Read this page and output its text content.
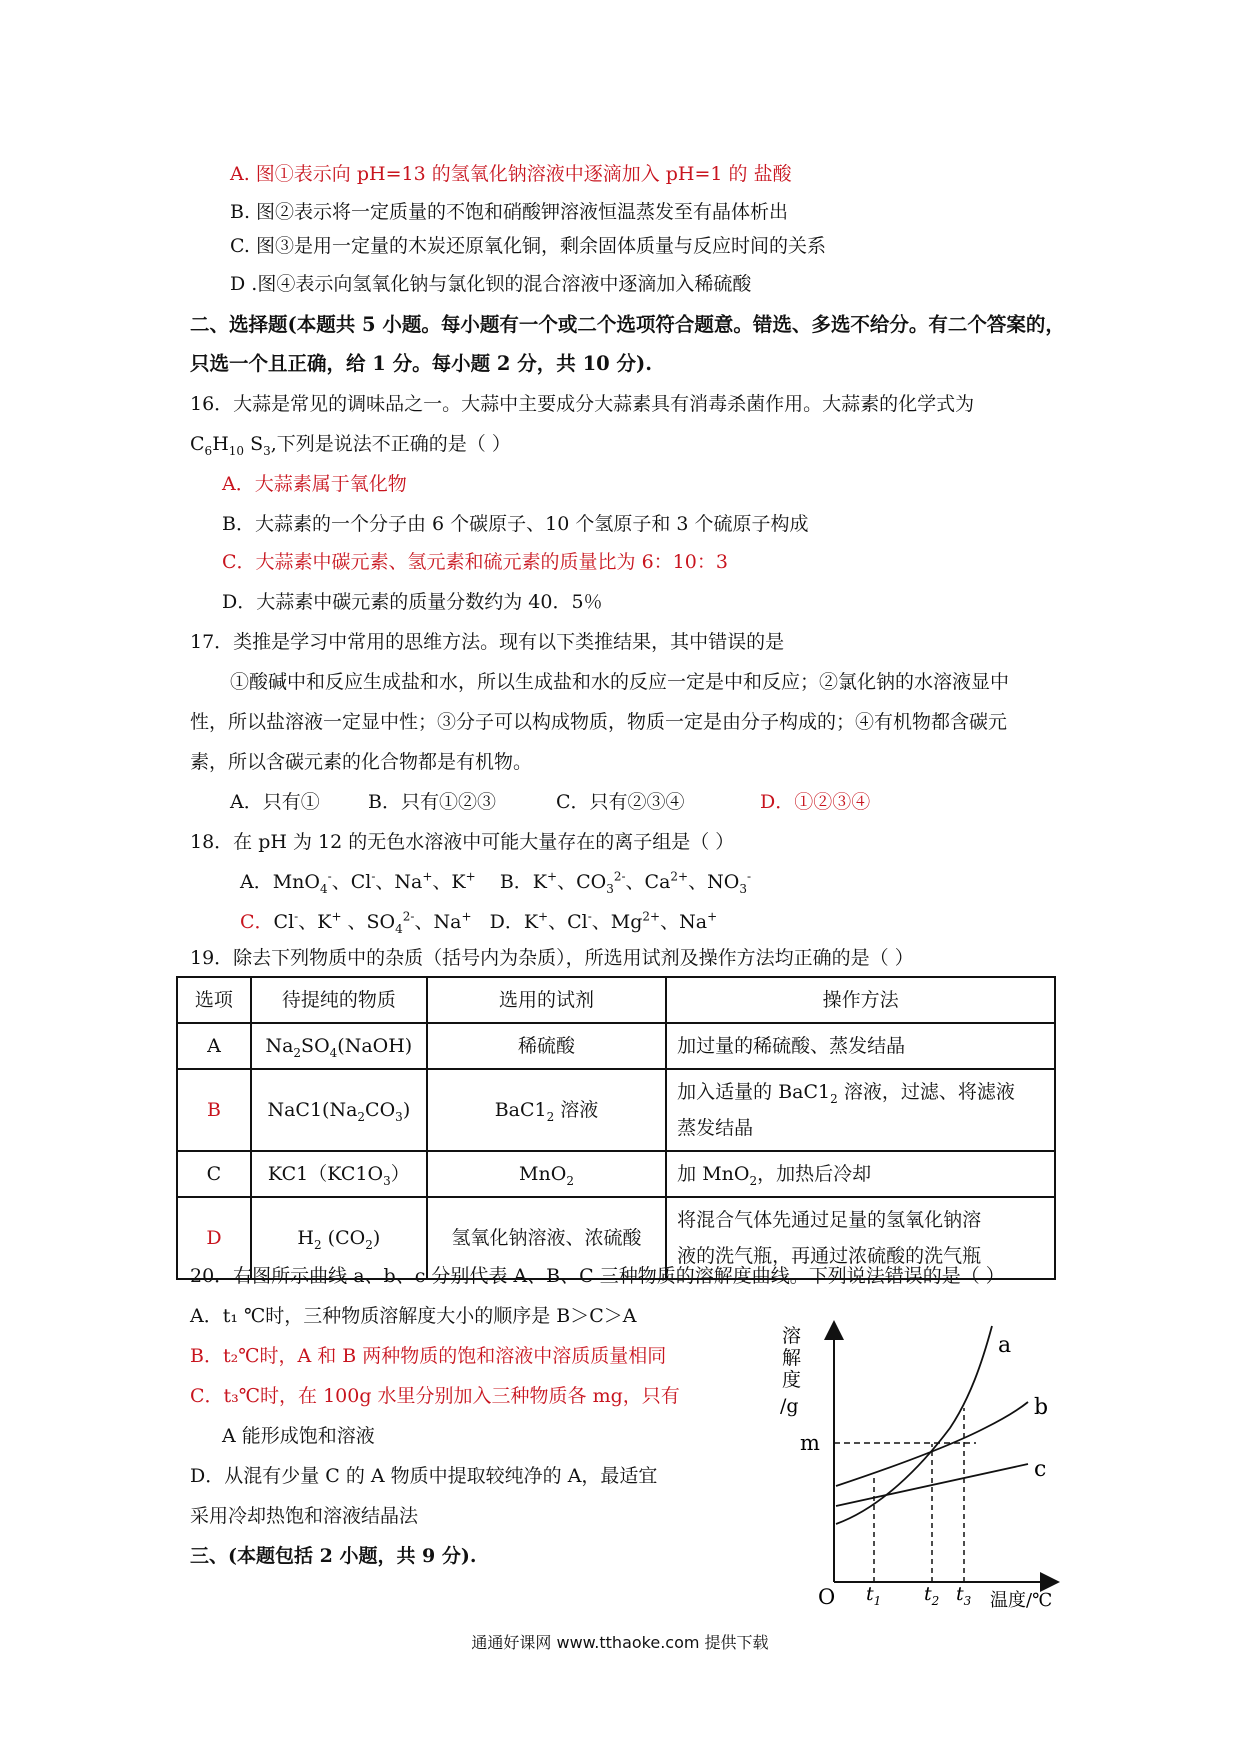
A. 图①表示向 pH=13 的氢氧化钠溶液中逐滴加入 pH=1 的 盐酸
B. 图②表示将一定质量的不饱和硝酸钾溶液恒温蒸发至有晶体析出
C. 图③是用一定量的木炭还原氧化铜，剩余固体质量与反应时间的关系
D .图④表示向氢氧化钠与氯化钡的混合溶液中逐滴加入稀硫酸
二、选择题(本题共 5 小题。每小题有一个或二个选项符合题意。错选、多选不给分。有二个答案的，
只选一个且正确，给 1 分。每小题 2 分，共 10 分).
16．大蒜是常见的调味品之一。大蒜中主要成分大蒜素具有消毒杀菌作用。大蒜素的化学式为
$C_6H_{10}$ $S_3$,下列是说法不正确的是（ ）
A．大蒜素属于氧化物
B．大蒜素的一个分子由 6 个碳原子、10 个氢原子和 3 个硫原子构成
C．大蒜素中碳元素、氢元素和硫元素的质量比为 6：10：3
D．大蒜素中碳元素的质量分数约为 40．5％
17．类推是学习中常用的思维方法。现有以下类推结果，其中错误的是
①酸碱中和反应生成盐和水，所以生成盐和水的反应一定是中和反应；②氯化钠的水溶液显中
性，所以盐溶液一定显中性；③分子可以构成物质，物质一定是由分子构成的；④有机物都含碳元
素，所以含碳元素的化合物都是有机物。
A．只有①	B．只有①②③	C．只有②③④	D．①②③④
18．在 pH 为 12 的无色水溶液中可能大量存在的离子组是（ ）
A．MnO$_4$-、Cl-、Na+、K+    B．K+、$CO_3^{2-}$、$Ca^{2+}$、$NO_3^-$
C．Cl-、K+ 、$SO_4^{2-}$、Na+   D．K+、Cl-、$Mg^{2+}$、Na+
19．除去下列物质中的杂质（括号内为杂质），所选用试剂及操作方法均正确的是（ ）
选项	待提纯的物质	选用的试剂	操作方法
A	$Na_2SO_4(NaOH)$	稀硫酸	加过量的稀硫酸、蒸发结晶
B	$NaC1(Na_2CO_3)$	$BaC1_2$ 溶液	加入适量的 $BaC1_2$ 溶液，过滤、将滤液
蒸发结晶

C	$KC1(KC1O_3)$	MnO$_2$	加 MnO$_2$，加热后冷却
D	$H_2$ $(CO_2)$	氢氧化钠溶液、浓硫酸	将混合气体先通过足量的氢氧化钠溶
液的洗气瓶，再通过浓硫酸的洗气瓶
20．右图所示曲线 a、b、c 分别代表 A、B、C 三种物质的溶解度曲线。下列说法错误的是（ ）
A．t₁ ℃时，三种物质溶解度大小的顺序是 B＞C＞A
B．t₂℃时，A 和 B 两种物质的饱和溶液中溶质质量相同
C．t₃℃时，在 100g 水里分别加入三种物质各 mg，只有
A 能形成饱和溶液
D．从混有少量 C 的 A 物质中提取较纯净的 A，最适宜
采用冷却热饱和溶液结晶法
三、(本题包括 2 小题，共 9 分).
溶
解
度
/g
m
a
b
c
O $t_1$ $t_2$ $t_3$ 温度/℃
通通好课网 www.tthaoke.com 提供下载
